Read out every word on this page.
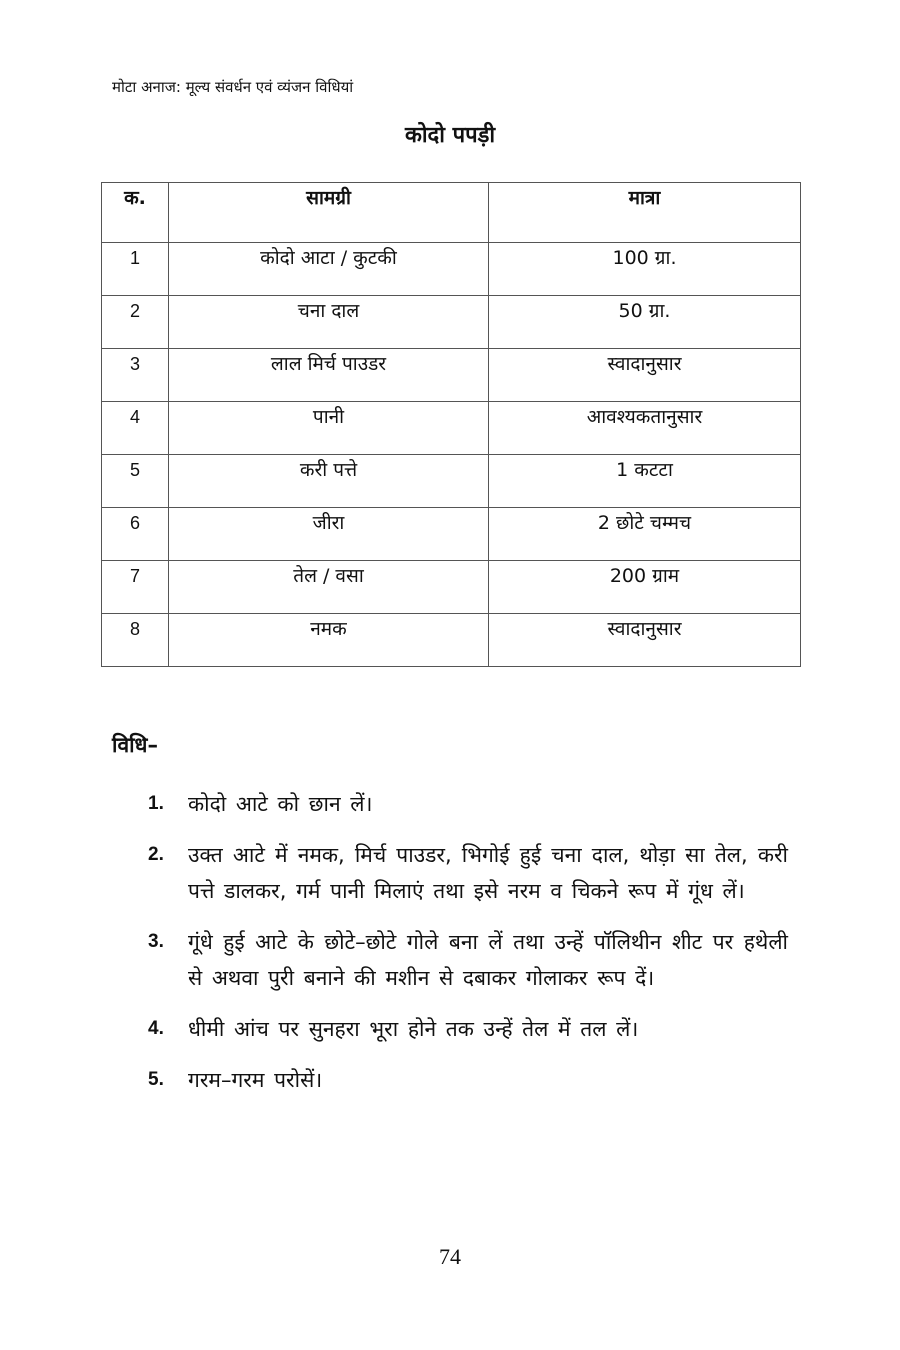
मोटा अनाज: मूल्य संवर्धन एवं व्यंजन विधियां
कोदो पपड़ी
क.	सामग्री	मात्रा
1	कोदो आटा / कुटकी	100 ग्रा.
2	चना दाल	50 ग्रा.
3	लाल मिर्च पाउडर	स्वादानुसार
4	पानी	आवश्यकतानुसार
5	करी पत्ते	1 कटटा
6	जीरा	2 छोटे चम्मच
7	तेल / वसा	200 ग्राम
8	नमक	स्वादानुसार
विधि–
1.	कोदो आटे को छान लें।
2.	उक्त आटे में नमक, मिर्च पाउडर, भिगोई हुई चना दाल, थोड़ा सा तेल, करी पत्ते डालकर, गर्म पानी मिलाएं तथा इसे नरम व चिकने रूप में गूंध लें।
3.	गूंधे हुई आटे के छोटे–छोटे गोले बना लें तथा उन्हें पॉलिथीन शीट पर हथेली से अथवा पुरी बनाने की मशीन से दबाकर गोलाकर रूप दें।
4.	धीमी आंच पर सुनहरा भूरा होने तक उन्हें तेल में तल लें।
5.	गरम–गरम परोसें।
74
